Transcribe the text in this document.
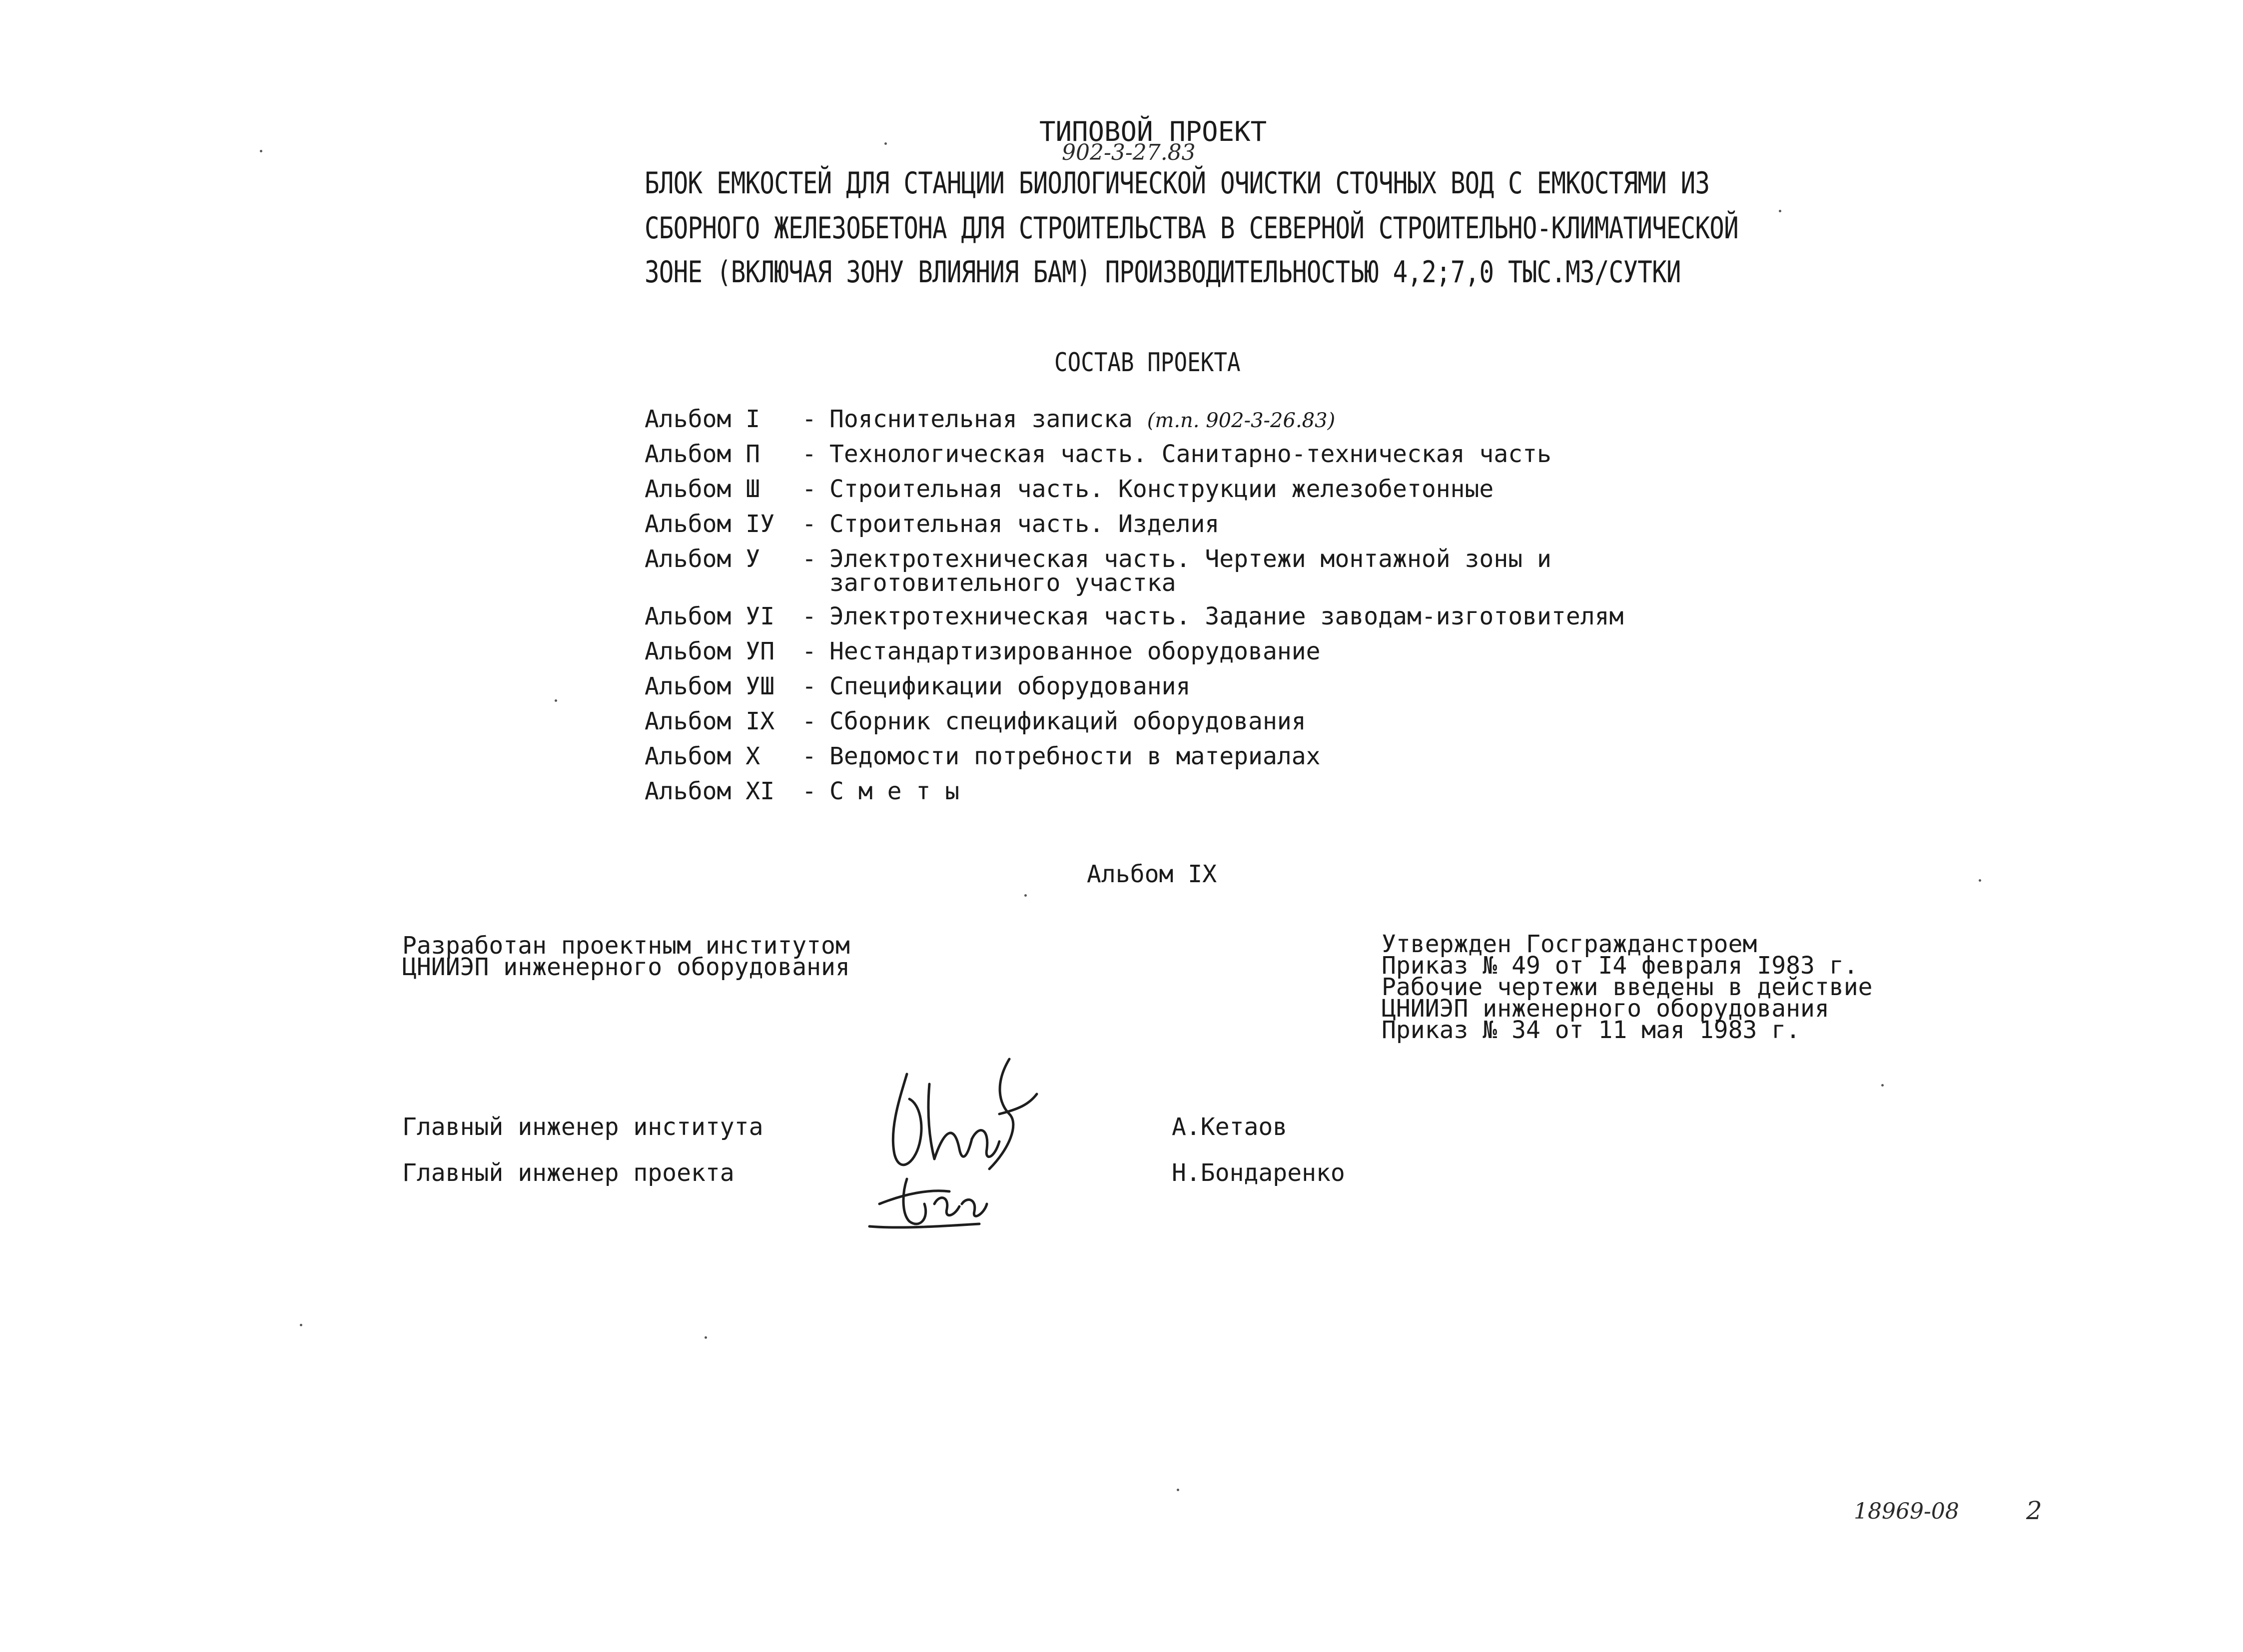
ТИПОВОЙ ПРОЕКТ
902-3-27.83
БЛОК ЕМКОСТЕЙ ДЛЯ СТАНЦИИ БИОЛОГИЧЕСКОЙ ОЧИСТКИ СТОЧНЫХ ВОД С ЕМКОСТЯМИ ИЗ
СБОРНОГО ЖЕЛЕЗОБЕТОНА ДЛЯ СТРОИТЕЛЬСТВА В СЕВЕРНОЙ СТРОИТЕЛЬНО-КЛИМАТИЧЕСКОЙ
ЗОНЕ (ВКЛЮЧАЯ ЗОНУ ВЛИЯНИЯ БАМ) ПРОИЗВОДИТЕЛЬНОСТЬЮ 4,2;7,0 ТЫС.М3/СУТКИ
СОСТАВ ПРОЕКТА
Альбом I	- Пояснительная записка (т.п. 902-3-26.83)
Альбом П	- Технологическая часть. Санитарно-техническая часть
Альбом Ш	- Строительная часть. Конструкции железобетонные
Альбом IУ	- Строительная часть. Изделия
Альбом У	- Электротехническая часть. Чертежи монтажной зоны и
заготовительного участка
Альбом УI	- Электротехническая часть. Задание заводам-изготовителям
Альбом УП	- Нестандартизированное оборудование
Альбом УШ	- Спецификации оборудования
Альбом IX	- Сборник спецификаций оборудования
Альбом X	- Ведомости потребности в материалах
Альбом XI	- С м е т ы
Альбом IX
Разработан проектным институтом
ЦНИИЭП инженерного оборудования
Утвержден Госгражданстроем
Приказ № 49 от I4 февраля I983 г.
Рабочие чертежи введены в действие
ЦНИИЭП инженерного оборудования
Приказ № 34 от 11 мая 1983 г.
Главный инженер института
Главный инженер проекта
А.Кетаов
Н.Бондаренко
18969-08	2
